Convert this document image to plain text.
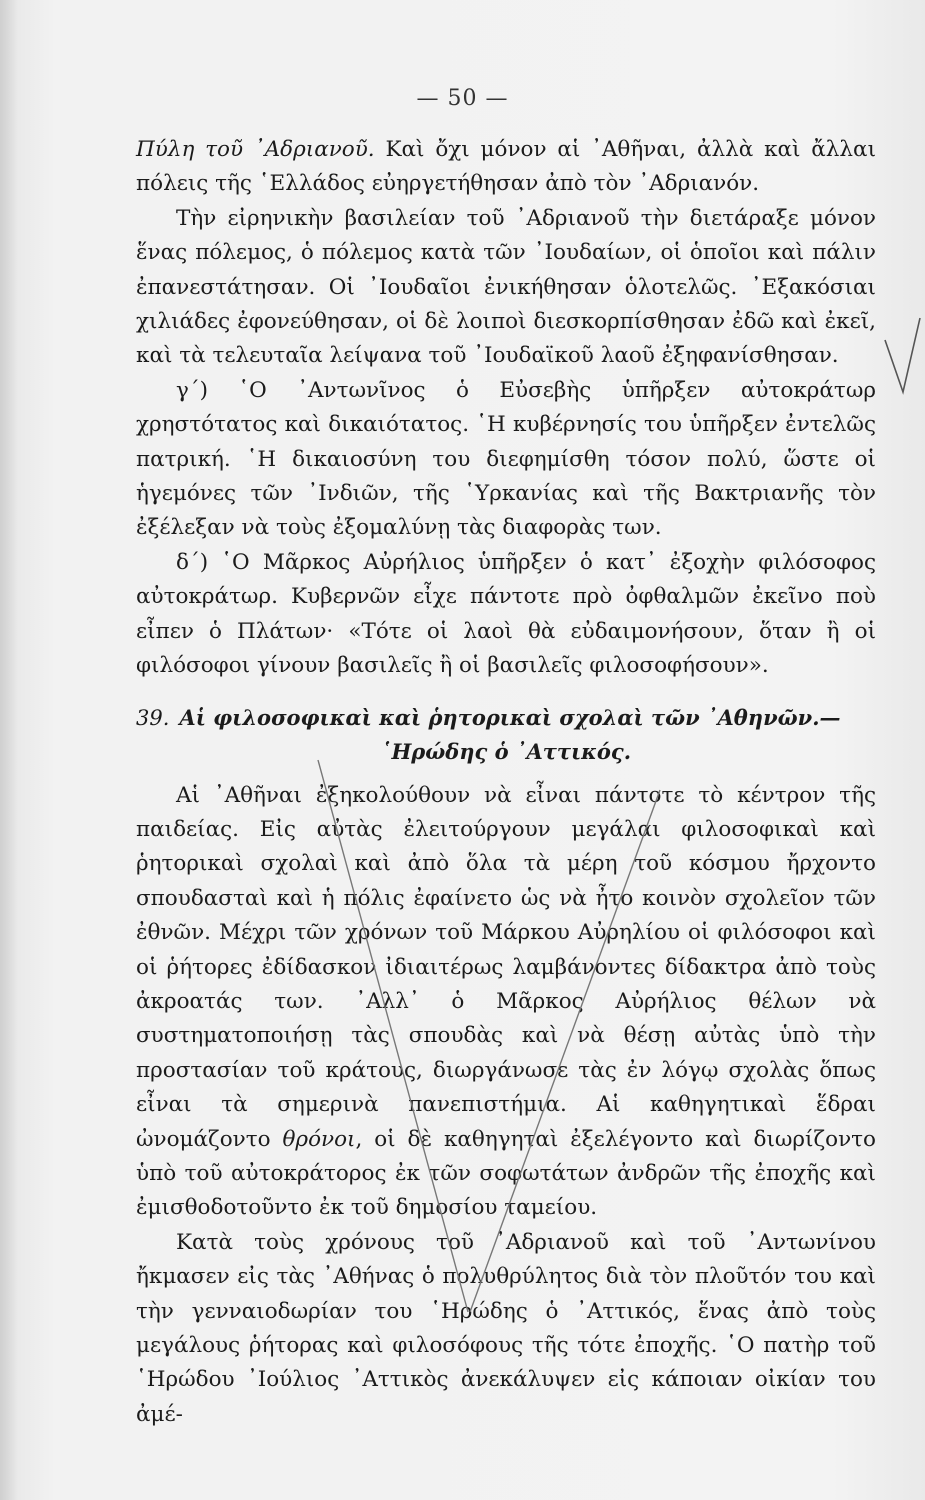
— 50 —

Πύλη τοῦ ᾿Αδριανοῦ. Καὶ ὄχι μόνον αἱ ᾿Αθῆναι, ἀλλὰ καὶ ἄλλαι πόλεις τῆς ῾Ελλάδος εὐηργετήθησαν ἀπὸ τὸν ᾿Αδριανόν.

Τὴν εἰρηνικὴν βασιλείαν τοῦ ᾿Αδριανοῦ τὴν διετάραξε μόνον ἕνας πόλεμος, ὁ πόλεμος κατὰ τῶν ᾿Ιουδαίων, οἱ ὁποῖοι καὶ πάλιν ἐπανεστάτησαν. Οἱ ᾿Ιουδαῖοι ἐνικήθησαν ὁλοτελῶς. ᾿Εξακόσιαι χιλιάδες ἐφονεύθησαν, οἱ δὲ λοιποὶ διεσκορπίσθησαν ἐδῶ καὶ ἐκεῖ, καὶ τὰ τελευταῖα λείψανα τοῦ ᾿Ιουδαϊκοῦ λαοῦ ἐξηφανίσθησαν.

γ´) ῾Ο ᾿Αντωνῖνος ὁ Εὐσεβὴς ὑπῆρξεν αὐτοκράτωρ χρηστότατος καὶ δικαιότατος. ῾Η κυβέρνησίς του ὑπῆρξεν ἐντελῶς πατρική. ῾Η δικαιοσύνη του διεφημίσθη τόσον πολύ, ὥστε οἱ ἡγεμόνες τῶν ᾿Ινδιῶν, τῆς ῾Υρκανίας καὶ τῆς Βακτριανῆς τὸν ἐξέλεξαν νὰ τοὺς ἐξομαλύνῃ τὰς διαφορὰς των.

δ´) ῾Ο Μᾶρκος Αὐρήλιος ὑπῆρξεν ὁ κατ᾿ ἐξοχὴν φιλόσοφος αὐτοκράτωρ. Κυβερνῶν εἶχε πάντοτε πρὸ ὀφθαλμῶν ἐκεῖνο ποὺ εἶπεν ὁ Πλάτων· «Τότε οἱ λαοὶ θὰ εὐδαιμονήσουν, ὅταν ἢ οἱ φιλόσοφοι γίνουν βασιλεῖς ἢ οἱ βασιλεῖς φιλοσοφήσουν».

39. Αἱ φιλοσοφικαὶ καὶ ῥητορικαὶ σχολαὶ τῶν ᾿Αθηνῶν.—
῾Ηρώδης ὁ ᾿Αττικός.

Αἱ ᾿Αθῆναι ἐξηκολούθουν νὰ εἶναι πάντοτε τὸ κέντρον τῆς παιδείας. Εἰς αὐτὰς ἐλειτούργουν μεγάλαι φιλοσοφικαὶ καὶ ῥητορικαὶ σχολαὶ καὶ ἀπὸ ὅλα τὰ μέρη τοῦ κόσμου ἤρχοντο σπουδασταὶ καὶ ἡ πόλις ἐφαίνετο ὡς νὰ ἦτο κοινὸν σχολεῖον τῶν ἐθνῶν. Μέχρι τῶν χρόνων τοῦ Μάρκου Αὐρηλίου οἱ φιλόσοφοι καὶ οἱ ῥήτορες ἐδίδασκον ἰδιαιτέρως λαμβάνοντες δίδακτρα ἀπὸ τοὺς ἀκροατάς των. ᾿Αλλ᾿ ὁ Μᾶρκος Αὐρήλιος θέλων νὰ συστηματοποιήσῃ τὰς σπουδὰς καὶ νὰ θέσῃ αὐτὰς ὑπὸ τὴν προστασίαν τοῦ κράτους, διωργάνωσε τὰς ἐν λόγῳ σχολὰς ὅπως εἶναι τὰ σημερινὰ πανεπιστήμια. Αἱ καθηγητικαὶ ἕδραι ὠνομάζοντο θρόνοι, οἱ δὲ καθηγηταὶ ἐξελέγοντο καὶ διωρίζοντο ὑπὸ τοῦ αὐτοκράτορος ἐκ τῶν σοφωτάτων ἀνδρῶν τῆς ἐποχῆς καὶ ἐμισθοδοτοῦντο ἐκ τοῦ δημοσίου ταμείου.

Κατὰ τοὺς χρόνους τοῦ ᾿Αδριανοῦ καὶ τοῦ ᾿Αντωνίνου ἤκμασεν εἰς τὰς ᾿Αθήνας ὁ πολυθρύλητος διὰ τὸν πλοῦτόν του καὶ τὴν γενναιοδωρίαν του ῾Ηρώδης ὁ ᾿Αττικός, ἕνας ἀπὸ τοὺς μεγάλους ῥήτορας καὶ φιλοσόφους τῆς τότε ἐποχῆς. ῾Ο πατὴρ τοῦ ῾Ηρώδου ᾿Ιούλιος ᾿Αττικὸς ἀνεκάλυψεν εἰς κάποιαν οἰκίαν του ἀμέ-
